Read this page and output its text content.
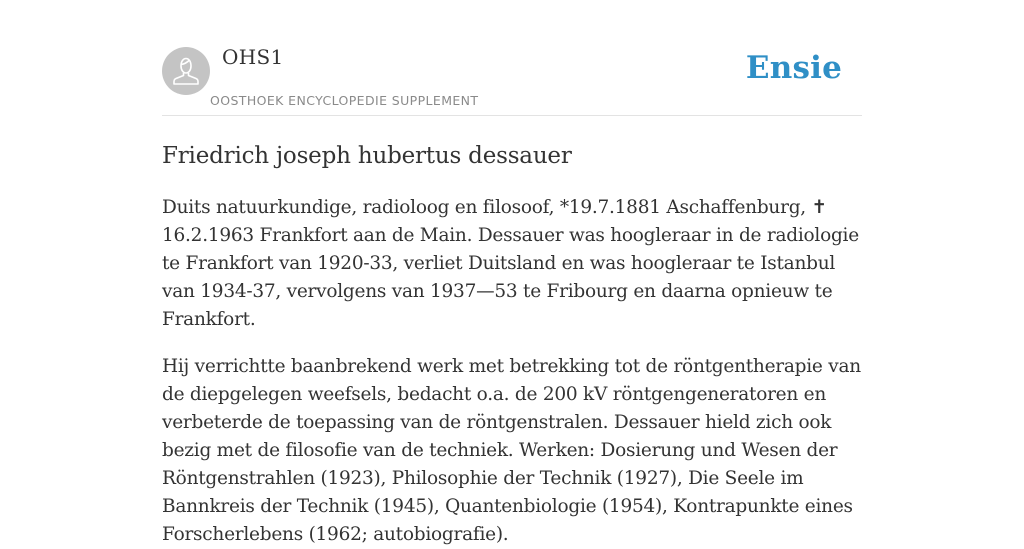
OHS1
OOSTHOEK ENCYCLOPEDIE SUPPLEMENT
Ensie
Friedrich joseph hubertus dessauer

Duits natuurkundige, radioloog en filosoof, *19.7.1881 Aschaffenburg, ✝ 16.2.1963 Frankfort aan de Main. Dessauer was hoogleraar in de radiologie te Frankfort van 1920-33, verliet Duitsland en was hoogleraar te Istanbul van 1934-37, vervolgens van 1937—53 te Fribourg en daarna opnieuw te Frankfort.

Hij verrichtte baanbrekend werk met betrekking tot de röntgentherapie van de diepgelegen weefsels, bedacht o.a. de 200 kV röntgengeneratoren en verbeterde de toepassing van de röntgenstralen. Dessauer hield zich ook bezig met de filosofie van de techniek. Werken: Dosierung und Wesen der Röntgenstrahlen (1923), Philosophie der Technik (1927), Die Seele im Bannkreis der Technik (1945), Quantenbiologie (1954), Kontrapunkte eines Forscherlebens (1962; autobiografie).
